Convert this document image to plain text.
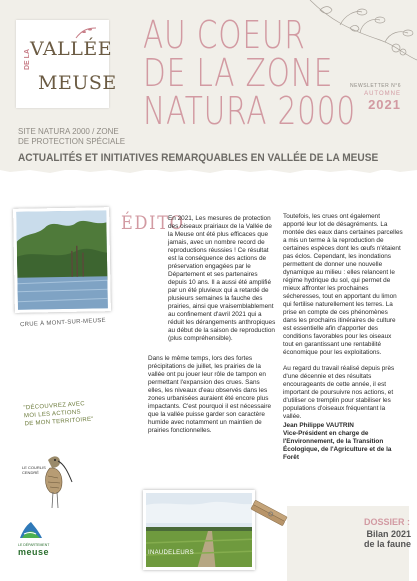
VALLÉE
DE LA
MEUSE
SITE NATURA 2000 / ZONE
DE PROTECTION SPÉCIALE
AU COEUR
DE LA ZONE
NATURA 2000
NEWSLETTER N°6
AUTOMNE
2021
ACTUALITÉS ET INITIATIVES REMARQUABLES EN VALLÉE DE LA MEUSE
CRUE À MONT-SUR-MEUSE
"DÉCOUVREZ AVEC
MOI LES ACTIONS
DE MON TERRITOIRE"
LE COURLIS
CENDRÉ
LE DÉPARTEMENT
meuse
ÉDITO

En 2021, Les mesures de protection des oiseaux prairiaux de la Vallée de la Meuse ont été plus efficaces que jamais, avec un nombre record de reproductions réussies ! Ce résultat est la conséquence des actions de préservation engagées par le Département et ses partenaires depuis 10 ans. Il a aussi été amplifié par un été pluvieux qui a retardé de plusieurs semaines la fauche des prairies, ainsi que vraisemblablement au confinement d'avril 2021 qui a réduit les dérangements anthropiques au début de la saison de reproduction (plus compréhensible).

Dans le même temps, lors des fortes précipitations de juillet, les prairies de la vallée ont pu jouer leur rôle de tampon en permettant l'expansion des crues. Sans elles, les niveaux d'eau observés dans les zones urbanisées auraient été encore plus impactants. C'est pourquoi il est nécessaire que la vallée puisse garder son caractère humide avec notamment un maintien de prairies fonctionnelles.

Toutefois, les crues ont également apporté leur lot de désagréments. La montée des eaux dans certaines parcelles a mis un terme à la reproduction de certaines espèces dont les œufs n'étaient pas éclos. Cependant, les inondations permettent de donner une nouvelle dynamique au milieu : elles relancent le régime hydrique du sol, qui permet de mieux affronter les prochaines sécheresses, tout en apportant du limon qui fertilise naturellement les terres. La prise en compte de ces phénomènes dans les prochains itinéraires de culture est essentielle afin d'apporter des conditions favorables pour les oiseaux tout en garantissant une rentabilité économique pour les exploitations.

Au regard du travail réalisé depuis près d'une décennie et des résultats encourageants de cette année, il est important de poursuivre nos actions, et d'utiliser ce tremplin pour stabiliser les populations d'oiseaux fréquentant la vallée.

Jean Philippe VAUTRIN
Vice-Président en charge de l'Environnement, de la Transition Écologique, de l'Agriculture et de la Forêt
INAUDELEURS
DOSSIER :
Bilan 2021
de la faune
